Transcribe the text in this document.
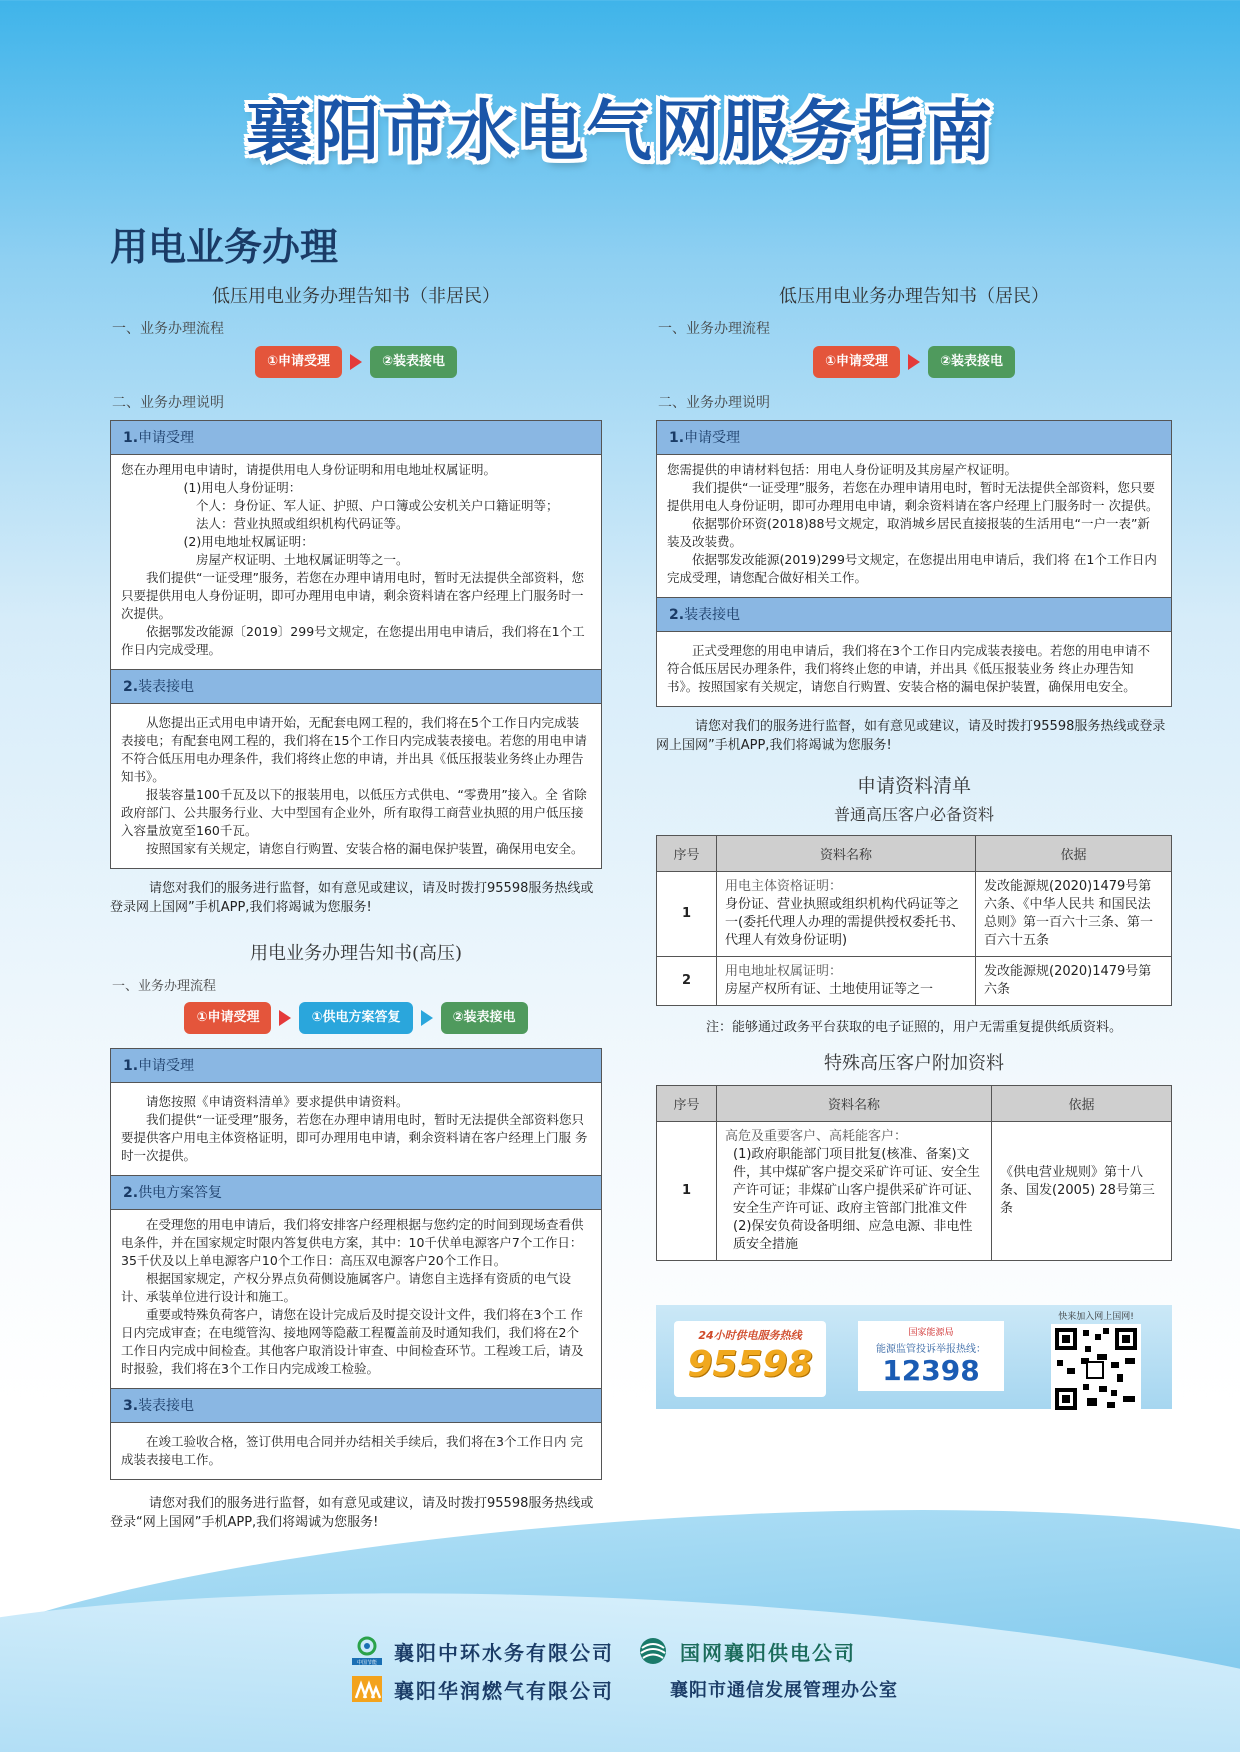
襄阳市水电气网服务指南
用电业务办理
低压用电业务办理告知书（非居民）
一、业务办理流程
①申请受理	②装表接电
二、业务办理说明
1.申请受理

您在办理用电申请时，请提供用电人身份证明和用电地址权属证明。

(1)用电人身份证明：

个人：身份证、军人证、护照、户口簿或公安机关户口籍证明等；

法人：营业执照或组织机构代码证等。

(2)用电地址权属证明：

房屋产权证明、土地权属证明等之一。

我们提供“一证受理”服务，若您在办理申请用电时，暂时无法提供全部资料，您只要提供用电人身份证明，即可办理用电申请，剩余资料请在客户经理上门服务时一次提供。

依据鄂发改能源〔2019〕299号文规定，在您提出用电申请后，我们将在1个工作日内完成受理。

2.装表接电

从您提出正式用电申请开始，无配套电网工程的，我们将在5个工作日内完成装表接电；有配套电网工程的，我们将在15个工作日内完成装表接电。若您的用电申请不符合低压用电办理条件，我们将终止您的申请，并出具《低压报装业务终止办理告知书》。

报装容量100千瓦及以下的报装用电，以低压方式供电、“零费用”接入。全 省除政府部门、公共服务行业、大中型国有企业外，所有取得工商营业执照的用户低压接入容量放宽至160千瓦。

按照国家有关规定，请您自行购置、安装合格的漏电保护装置，确保用电安全。

请您对我们的服务进行监督，如有意见或建议，请及时拨打95598服务热线或登录网上国网”手机APP,我们将竭诚为您服务!
用电业务办理告知书(高压)
一、业务办理流程
①申请受理	①供电方案答复	②装表接电
1.申请受理

请您按照《申请资料清单》要求提供申请资料。

我们提供“一证受理”服务，若您在办理申请用电时，暂时无法提供全部资料您只要提供客户用电主体资格证明，即可办理用电申请，剩余资料请在客户经理上门服 务时一次提供。

2.供电方案答复

在受理您的用电申请后，我们将安排客户经理根据与您约定的时间到现场查看供电条件，并在国家规定时限内答复供电方案，其中：10千伏单电源客户7个工作日：35千伏及以上单电源客户10个工作日：高压双电源客户20个工作日。

根据国家规定，产权分界点负荷侧设施属客户。请您自主选择有资质的电气设计、承装单位进行设计和施工。

重要或特殊负荷客户，请您在设计完成后及时提交设计文件，我们将在3个工 作日内完成审查；在电缆管沟、接地网等隐蔽工程覆盖前及时通知我们，我们将在2个工作日内完成中间检查。其他客户取消设计审查、中间检查环节。工程竣工后，请及时报验，我们将在3个工作日内完成竣工检验。

3.装表接电

在竣工验收合格，签订供用电合同并办结相关手续后，我们将在3个工作日内 完成装表接电工作。

请您对我们的服务进行监督，如有意见或建议，请及时拨打95598服务热线或登录“网上国网”手机APP,我们将竭诚为您服务!
低压用电业务办理告知书（居民）
一、业务办理流程
①申请受理	②装表接电
二、业务办理说明
1.申请受理

您需提供的申请材料包括：用电人身份证明及其房屋产权证明。

我们提供“一证受理”服务，若您在办理申请用电时，暂时无法提供全部资料，您只要提供用电人身份证明，即可办理用电申请，剩余资料请在客户经理上门服务时一 次提供。

依据鄂价环资(2018)88号文规定，取消城乡居民直接报装的生活用电“一户一表”新装及改装费。

依据鄂发改能源(2019)299号文规定，在您提出用电申请后，我们将 在1个工作日内完成受理，请您配合做好相关工作。

2.装表接电

正式受理您的用电申请后，我们将在3个工作日内完成装表接电。若您的用电申请不符合低压居民办理条件，我们将终止您的申请，并出具《低压报装业务 终止办理告知书》。按照国家有关规定，请您自行购置、安装合格的漏电保护装置，确保用电安全。

请您对我们的服务进行监督，如有意见或建议，请及时拨打95598服务热线或登录网上国网”手机APP,我们将竭诚为您服务!
申请资料清单
普通高压客户必备资料
序号	资料名称	依据
1	用电主体资格证明：
身份证、营业执照或组织机构代码证等之一(委托代理人办理的需提供授权委托书、代理人有效身份证明)	发改能源规(2020)1479号第六条、《中华人民共 和国民法总则》第一百六十三条、第一百六十五条
2	用电地址权属证明：
房屋产权所有证、土地使用证等之一	发改能源规(2020)1479号第六条
注：能够通过政务平台获取的电子证照的，用户无需重复提供纸质资料。
特殊高压客户附加资料
序号	资料名称	依据
1	高危及重要客户、高耗能客户：
(1)政府职能部门项目批复(核准、备案)文件，其中煤矿客户提交采矿许可证、安全生产许可证；非煤矿山客户提供采矿许可证、安全生产许可证、政府主管部门批准文件
(2)保安负荷设备明细、应急电源、非电性质安全措施	《供电营业规则》第十八条、国发(2005) 28号第三条
24小时供电服务热线
95598
国家能源局
能源监管投诉举报热线：
12398
快来加入网上国网!
中国节能 襄阳中环水务有限公司	国网襄阳供电公司
襄阳华润燃气有限公司	襄阳市通信发展管理办公室
